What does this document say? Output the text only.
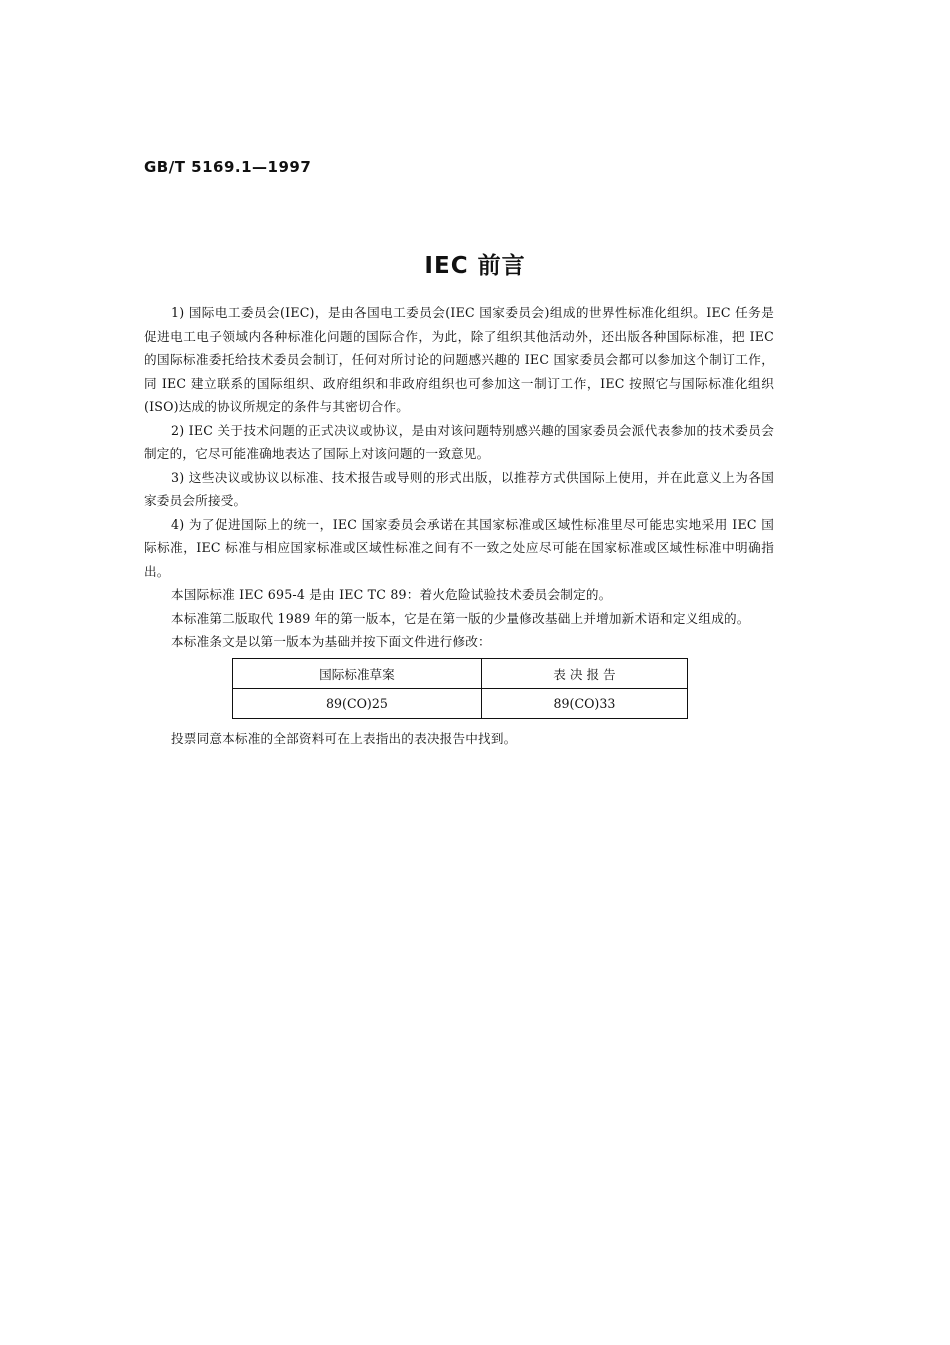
GB/T 5169.1—1997
IEC 前言

1) 国际电工委员会(IEC)，是由各国电工委员会(IEC 国家委员会)组成的世界性标准化组织。IEC 任务是促进电工电子领域内各种标准化问题的国际合作，为此，除了组织其他活动外，还出版各种国际标准，把 IEC 的国际标准委托给技术委员会制订，任何对所讨论的问题感兴趣的 IEC 国家委员会都可以参加这个制订工作，同 IEC 建立联系的国际组织、政府组织和非政府组织也可参加这一制订工作，IEC 按照它与国际标准化组织(ISO)达成的协议所规定的条件与其密切合作。

2) IEC 关于技术问题的正式决议或协议，是由对该问题特别感兴趣的国家委员会派代表参加的技术委员会制定的，它尽可能准确地表达了国际上对该问题的一致意见。

3) 这些决议或协议以标准、技术报告或导则的形式出版，以推荐方式供国际上使用，并在此意义上为各国家委员会所接受。

4) 为了促进国际上的统一，IEC 国家委员会承诺在其国家标准或区域性标准里尽可能忠实地采用 IEC 国际标准，IEC 标准与相应国家标准或区域性标准之间有不一致之处应尽可能在国家标准或区域性标准中明确指出。

本国际标准 IEC 695-4 是由 IEC TC 89：着火危险试验技术委员会制定的。

本标准第二版取代 1989 年的第一版本，它是在第一版的少量修改基础上并增加新术语和定义组成的。

本标准条文是以第一版本为基础并按下面文件进行修改：

国际标准草案	表 决 报 告
89(CO)25	89(CO)33

投票同意本标准的全部资料可在上表指出的表决报告中找到。
